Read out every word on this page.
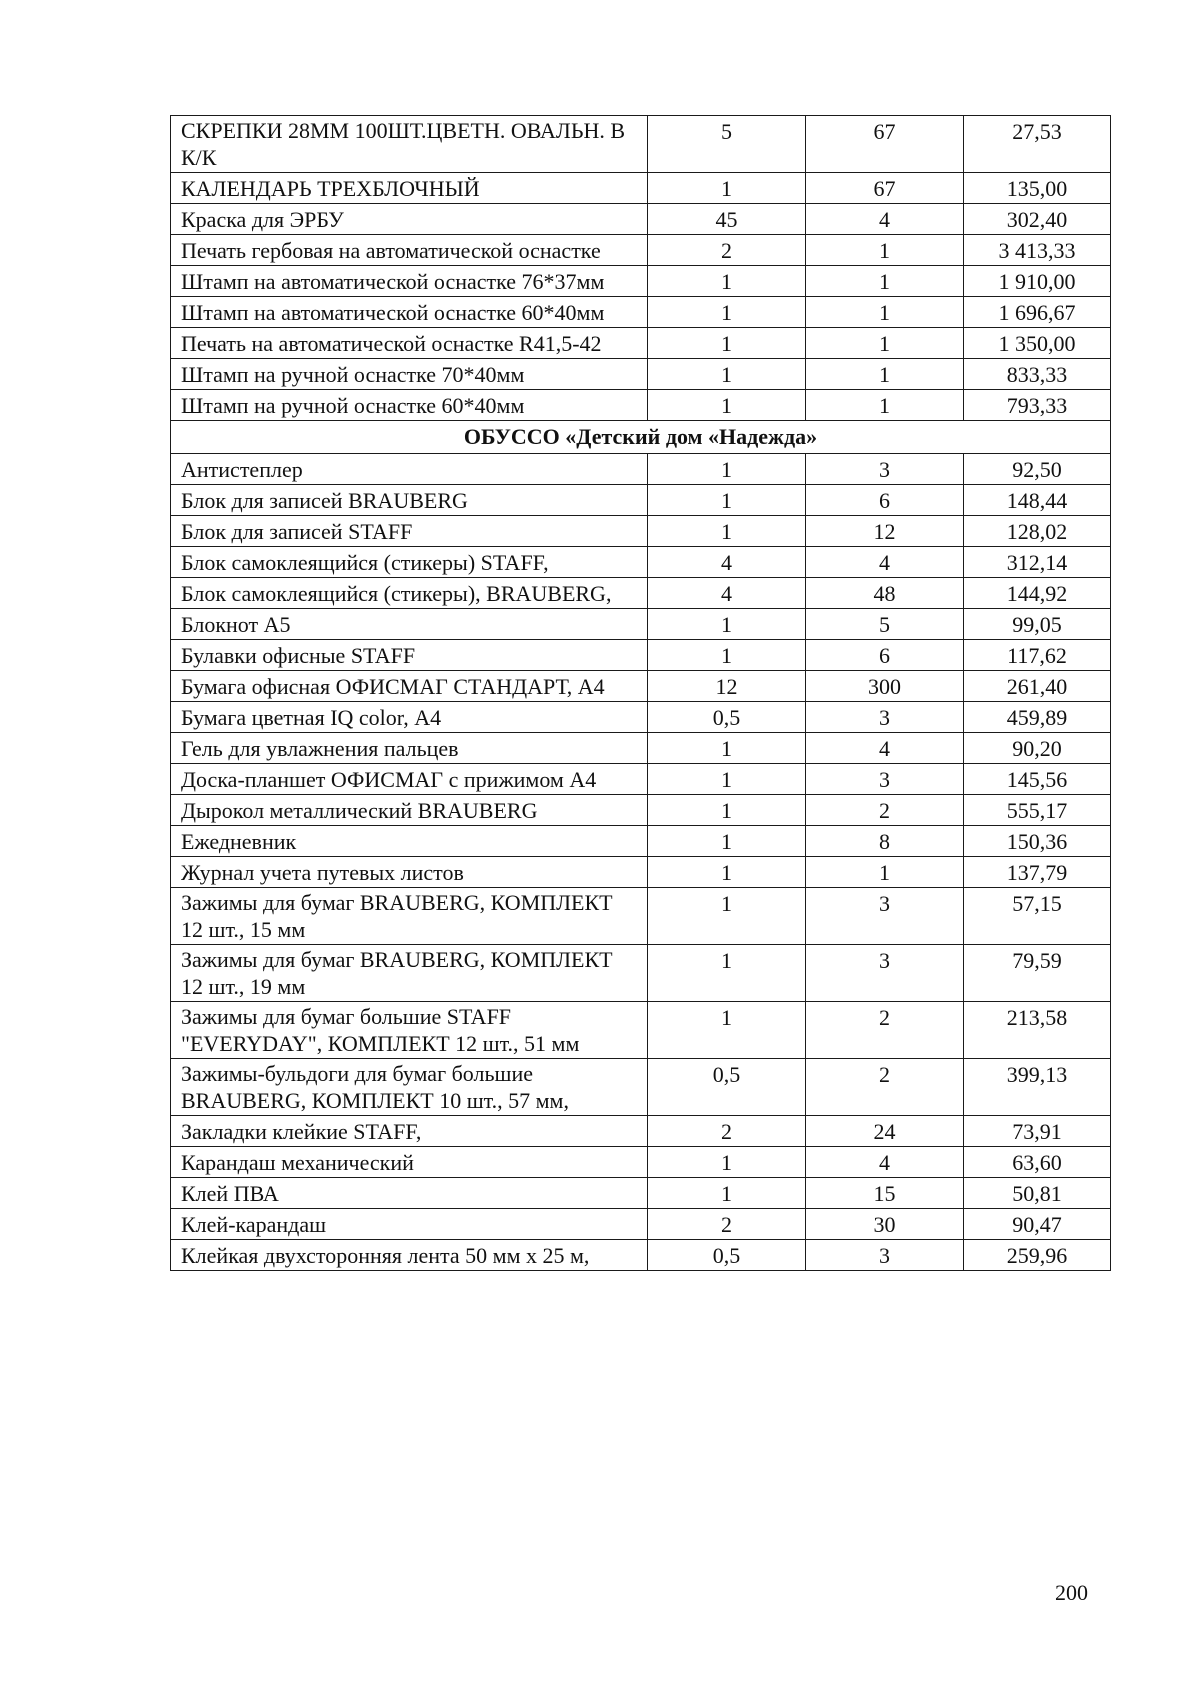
СКРЕПКИ 28ММ 100ШТ.ЦВЕТН. ОВАЛЬН. В К/К	5	67	27,53
КАЛЕНДАРЬ ТРЕХБЛОЧНЫЙ	1	67	135,00
Краска для ЭРБУ	45	4	302,40
Печать гербовая на автоматической оснастке	2	1	3 413,33
Штамп на автоматической оснастке 76*37мм	1	1	1 910,00
Штамп на автоматической оснастке 60*40мм	1	1	1 696,67
Печать на автоматической оснастке R41,5-42	1	1	1 350,00
Штамп на ручной оснастке 70*40мм	1	1	833,33
Штамп на ручной оснастке 60*40мм	1	1	793,33
ОБУССО «Детский дом «Надежда»			
Антистеплер	1	3	92,50
Блок для записей BRAUBERG	1	6	148,44
Блок для записей STAFF	1	12	128,02
Блок самоклеящийся (стикеры) STAFF,	4	4	312,14
Блок самоклеящийся (стикеры), BRAUBERG,	4	48	144,92
Блокнот А5	1	5	99,05
Булавки офисные STAFF	1	6	117,62
Бумага офисная ОФИСМАГ СТАНДАРТ, А4	12	300	261,40
Бумага цветная IQ color, А4	0,5	3	459,89
Гель для увлажнения пальцев	1	4	90,20
Доска-планшет ОФИСМАГ с прижимом А4	1	3	145,56
Дырокол металлический BRAUBERG	1	2	555,17
Ежедневник	1	8	150,36
Журнал учета путевых листов	1	1	137,79
Зажимы для бумаг BRAUBERG, КОМПЛЕКТ 12 шт., 15 мм	1	3	57,15
Зажимы для бумаг BRAUBERG, КОМПЛЕКТ 12 шт., 19 мм	1	3	79,59
Зажимы для бумаг большие STAFF "EVERYDAY", КОМПЛЕКТ 12 шт., 51 мм	1	2	213,58
Зажимы-бульдоги для бумаг большие BRAUBERG, КОМПЛЕКТ 10 шт., 57 мм,	0,5	2	399,13
Закладки клейкие STAFF,	2	24	73,91
Карандаш механический	1	4	63,60
Клей ПВА	1	15	50,81
Клей-карандаш	2	30	90,47
Клейкая двухсторонняя лента 50 мм х 25 м,	0,5	3	259,96
200
